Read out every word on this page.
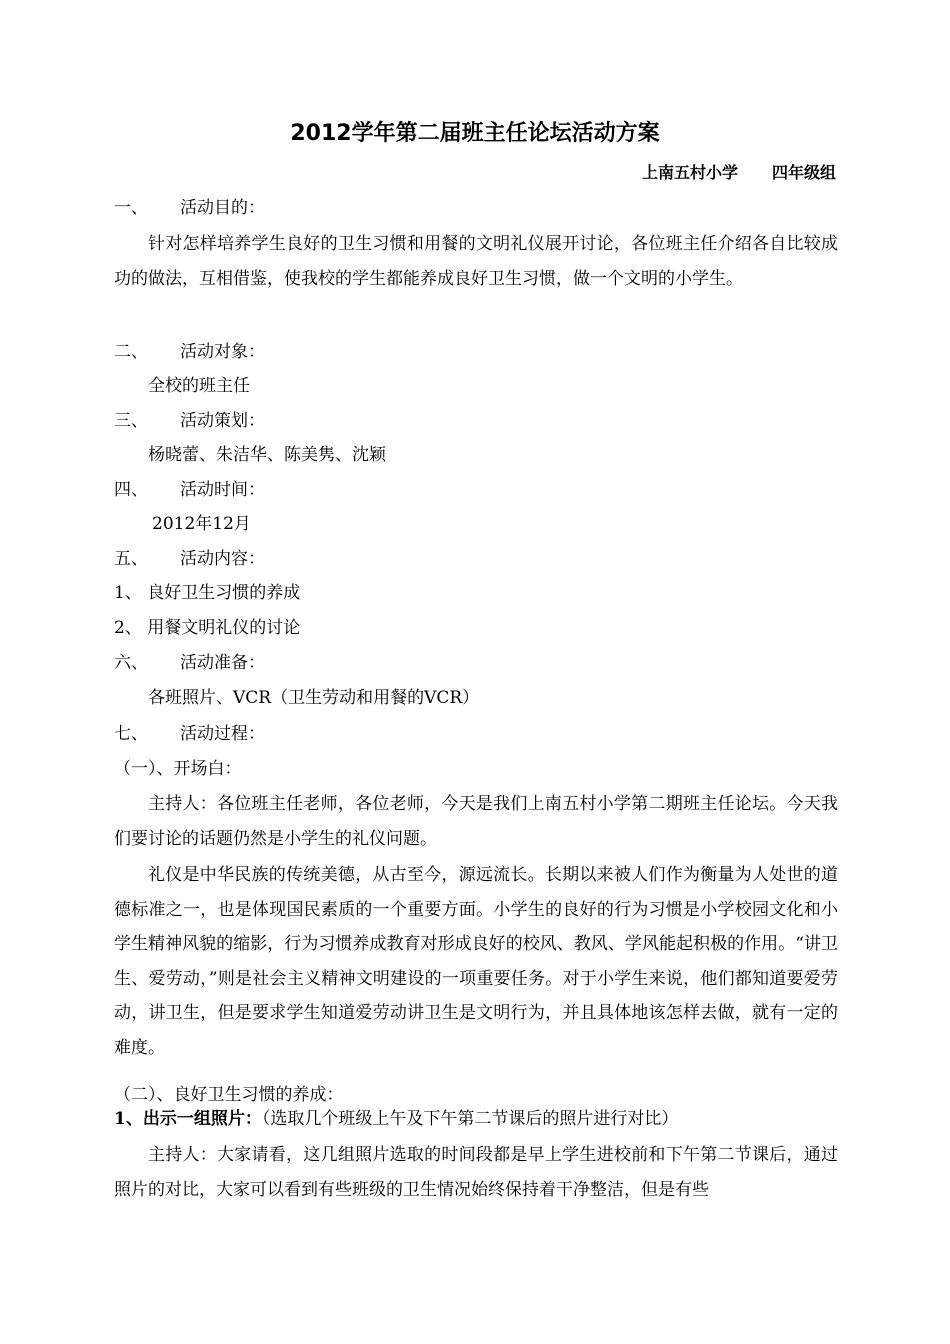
2012学年第二届班主任论坛活动方案
上南五村小学 四年级组
一、 活动目的：
针对怎样培养学生良好的卫生习惯和用餐的文明礼仪展开讨论，各位班主任介绍各自比较成功的做法，互相借鉴，使我校的学生都能养成良好卫生习惯，做一个文明的小学生。
二、 活动对象：
全校的班主任
三、 活动策划：
杨晓蕾、朱洁华、陈美隽、沈颖
四、 活动时间：
2012年12月
五、 活动内容：
1、 良好卫生习惯的养成
2、 用餐文明礼仪的讨论
六、 活动准备：
各班照片、VCR（卫生劳动和用餐的VCR）
七、 活动过程：
（一）、开场白：
主持人：各位班主任老师，各位老师，今天是我们上南五村小学第二期班主任论坛。今天我们要讨论的话题仍然是小学生的礼仪问题。
礼仪是中华民族的传统美德，从古至今，源远流长。长期以来被人们作为衡量为人处世的道德标准之一，也是体现国民素质的一个重要方面。小学生的良好的行为习惯是小学校园文化和小学生精神风貌的缩影，行为习惯养成教育对形成良好的校风、教风、学风能起积极的作用。“讲卫生、爱劳动，”则是社会主义精神文明建设的一项重要任务。对于小学生来说，他们都知道要爱劳动，讲卫生，但是要求学生知道爱劳动讲卫生是文明行为，并且具体地该怎样去做，就有一定的难度。
（二）、良好卫生习惯的养成：
1、出示一组照片：（选取几个班级上午及下午第二节课后的照片进行对比）
主持人：大家请看，这几组照片选取的时间段都是早上学生进校前和下午第二节课后，通过照片的对比，大家可以看到有些班级的卫生情况始终保持着干净整洁，但是有些
